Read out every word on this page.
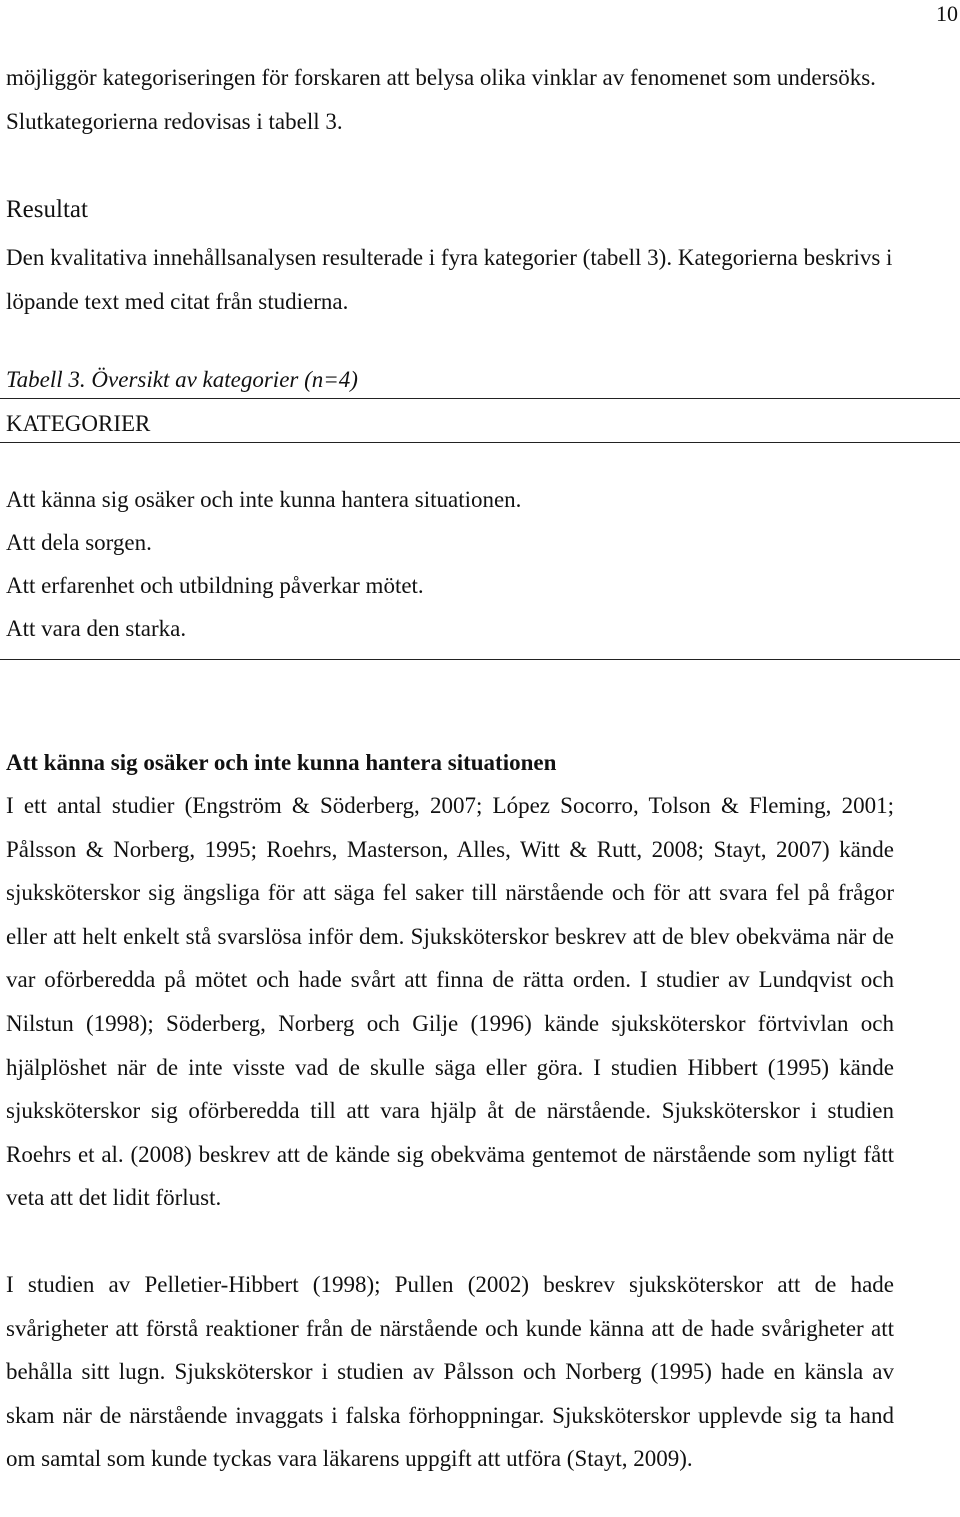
10

möjliggör kategoriseringen för forskaren att belysa olika vinklar av fenomenet som undersöks. Slutkategorierna redovisas i tabell 3.

Resultat

Den kvalitativa innehållsanalysen resulterade i fyra kategorier (tabell 3). Kategorierna beskrivs i löpande text med citat från studierna.

Tabell 3. Översikt av kategorier (n=4)

KATEGORIER
Att känna sig osäker och inte kunna hantera situationen.
Att dela sorgen.
Att erfarenhet och utbildning påverkar mötet.
Att vara den starka.
Att känna sig osäker och inte kunna hantera situationen

I ett antal studier (Engström & Söderberg, 2007; López Socorro, Tolson & Fleming, 2001; Pålsson & Norberg, 1995; Roehrs, Masterson, Alles, Witt & Rutt, 2008; Stayt, 2007) kände sjuksköterskor sig ängsliga för att säga fel saker till närstående och för att svara fel på frågor eller att helt enkelt stå svarslösa inför dem. Sjuksköterskor beskrev att de blev obekväma när de var oförberedda på mötet och hade svårt att finna de rätta orden. I studier av Lundqvist och Nilstun (1998); Söderberg, Norberg och Gilje (1996) kände sjuksköterskor förtvivlan och hjälplöshet när de inte visste vad de skulle säga eller göra. I studien Hibbert (1995) kände sjuksköterskor sig oförberedda till att vara hjälp åt de närstående. Sjuksköterskor i studien Roehrs et al. (2008) beskrev att de kände sig obekväma gentemot de närstående som nyligt fått veta att det lidit förlust.

I studien av Pelletier-Hibbert (1998); Pullen (2002) beskrev sjuksköterskor att de hade svårigheter att förstå reaktioner från de närstående och kunde känna att de hade svårigheter att behålla sitt lugn. Sjuksköterskor i studien av Pålsson och Norberg (1995) hade en känsla av skam när de närstående invaggats i falska förhoppningar. Sjuksköterskor upplevde sig ta hand om samtal som kunde tyckas vara läkarens uppgift att utföra (Stayt, 2009).
